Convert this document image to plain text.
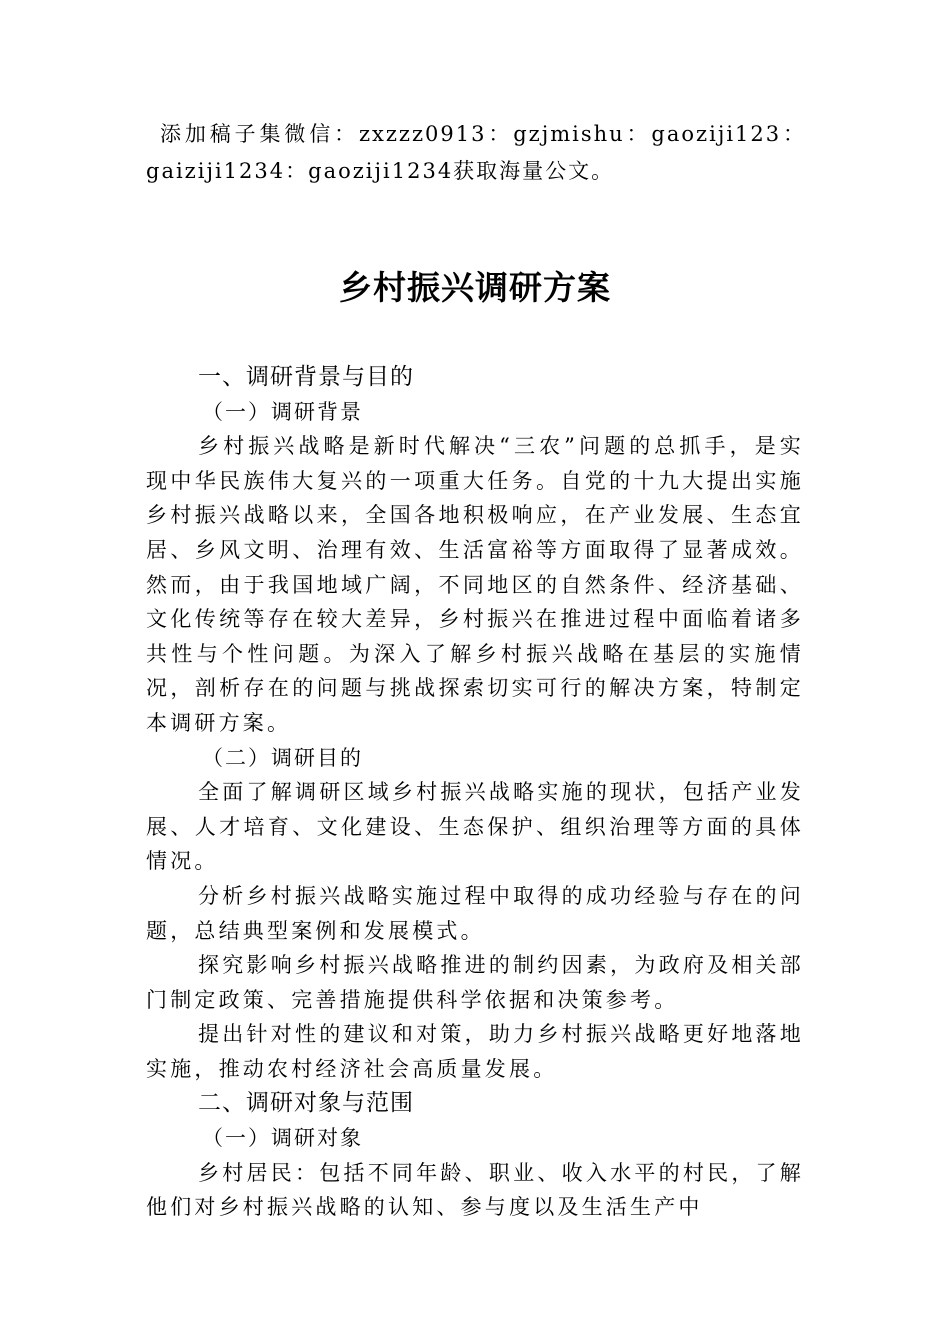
添加稿子集微信：zxzzz0913：gzjmishu：gaoziji123：gaiziji1234：gaoziji1234获取海量公文。
乡村振兴调研方案

一、调研背景与目的

（一）调研背景

乡村振兴战略是新时代解决“三农”问题的总抓手，是实现中华民族伟大复兴的一项重大任务。自党的十九大提出实施乡村振兴战略以来，全国各地积极响应，在产业发展、生态宜居、乡风文明、治理有效、生活富裕等方面取得了显著成效。然而，由于我国地域广阔，不同地区的自然条件、经济基础、文化传统等存在较大差异，乡村振兴在推进过程中面临着诸多共性与个性问题。为深入了解乡村振兴战略在基层的实施情况，剖析存在的问题与挑战探索切实可行的解决方案，特制定本调研方案。

（二）调研目的

全面了解调研区域乡村振兴战略实施的现状，包括产业发展、人才培育、文化建设、生态保护、组织治理等方面的具体情况。

分析乡村振兴战略实施过程中取得的成功经验与存在的问题，总结典型案例和发展模式。

探究影响乡村振兴战略推进的制约因素，为政府及相关部门制定政策、完善措施提供科学依据和决策参考。

提出针对性的建议和对策，助力乡村振兴战略更好地落地实施，推动农村经济社会高质量发展。

二、调研对象与范围

（一）调研对象

乡村居民：包括不同年龄、职业、收入水平的村民，了解他们对乡村振兴战略的认知、参与度以及生活生产中
